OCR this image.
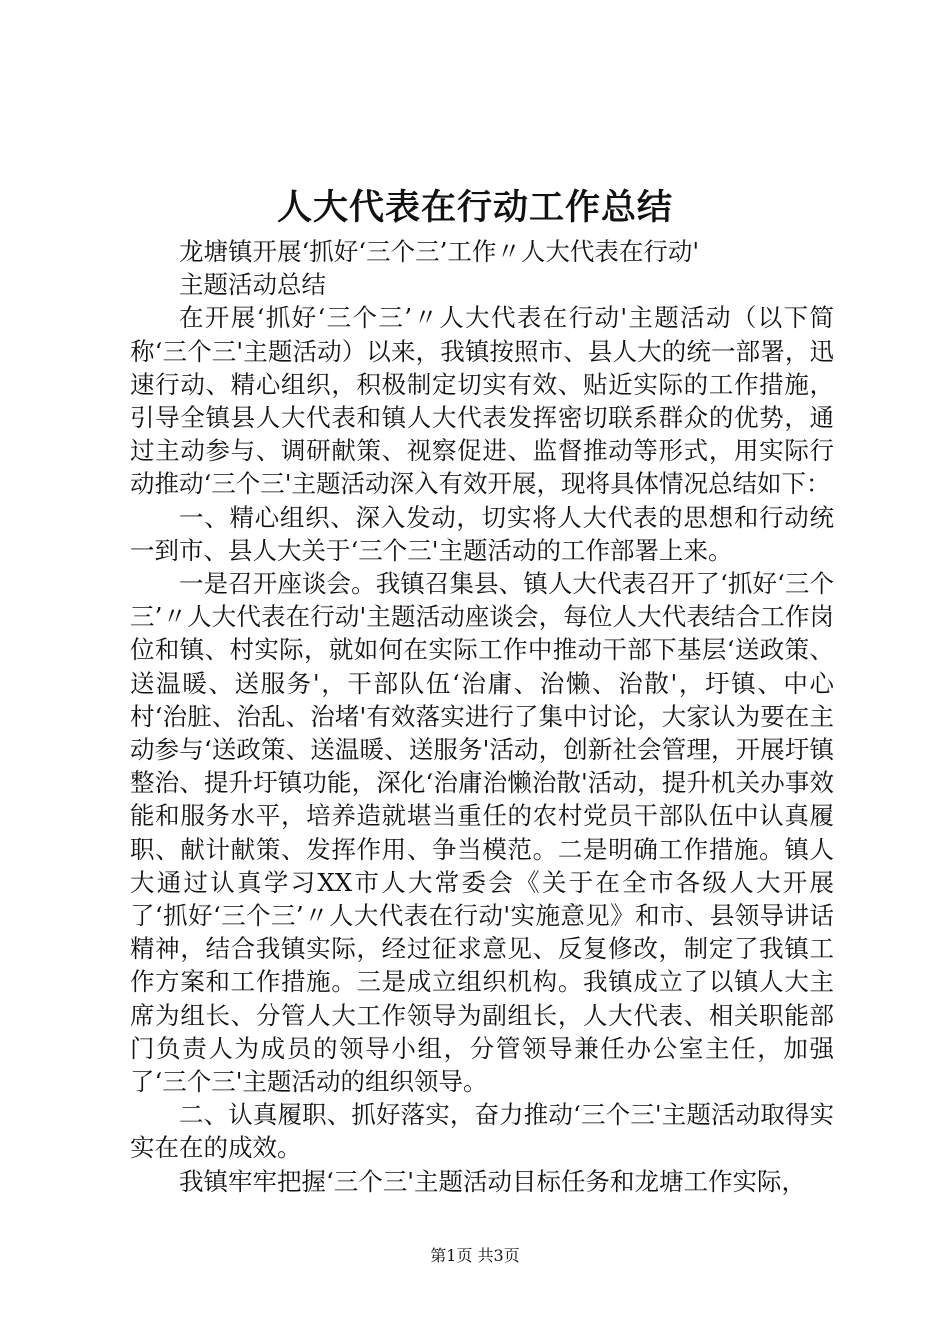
人大代表在行动工作总结

龙塘镇开展‘抓好‘三个三’工作〃人大代表在行动'

主题活动总结

在开展‘抓好‘三个三’〃人大代表在行动'主题活动（以下简称‘三个三'主题活动）以来，我镇按照市、县人大的统一部署，迅速行动、精心组织，积极制定切实有效、贴近实际的工作措施，引导全镇县人大代表和镇人大代表发挥密切联系群众的优势，通过主动参与、调研献策、视察促进、监督推动等形式，用实际行动推动‘三个三'主题活动深入有效开展，现将具体情况总结如下：

一、精心组织、深入发动，切实将人大代表的思想和行动统一到市、县人大关于‘三个三'主题活动的工作部署上来。

一是召开座谈会。我镇召集县、镇人大代表召开了‘抓好‘三个三’〃人大代表在行动'主题活动座谈会，每位人大代表结合工作岗位和镇、村实际，就如何在实际工作中推动干部下基层‘送政策、送温暖、送服务'，干部队伍‘治庸、治懒、治散'，圩镇、中心村‘治脏、治乱、治堵'有效落实进行了集中讨论，大家认为要在主动参与‘送政策、送温暖、送服务'活动，创新社会管理，开展圩镇整治、提升圩镇功能，深化‘治庸治懒治散'活动，提升机关办事效能和服务水平，培养造就堪当重任的农村党员干部队伍中认真履职、献计献策、发挥作用、争当模范。二是明确工作措施。镇人大通过认真学习XX市人大常委会《关于在全市各级人大开展了‘抓好‘三个三’〃人大代表在行动'实施意见》和市、县领导讲话精神，结合我镇实际，经过征求意见、反复修改，制定了我镇工作方案和工作措施。三是成立组织机构。我镇成立了以镇人大主席为组长、分管人大工作领导为副组长，人大代表、相关职能部门负责人为成员的领导小组，分管领导兼任办公室主任，加强了‘三个三'主题活动的组织领导。

二、认真履职、抓好落实，奋力推动‘三个三'主题活动取得实实在在的成效。

我镇牢牢把握‘三个三'主题活动目标任务和龙塘工作实际，

第1页 共3页
